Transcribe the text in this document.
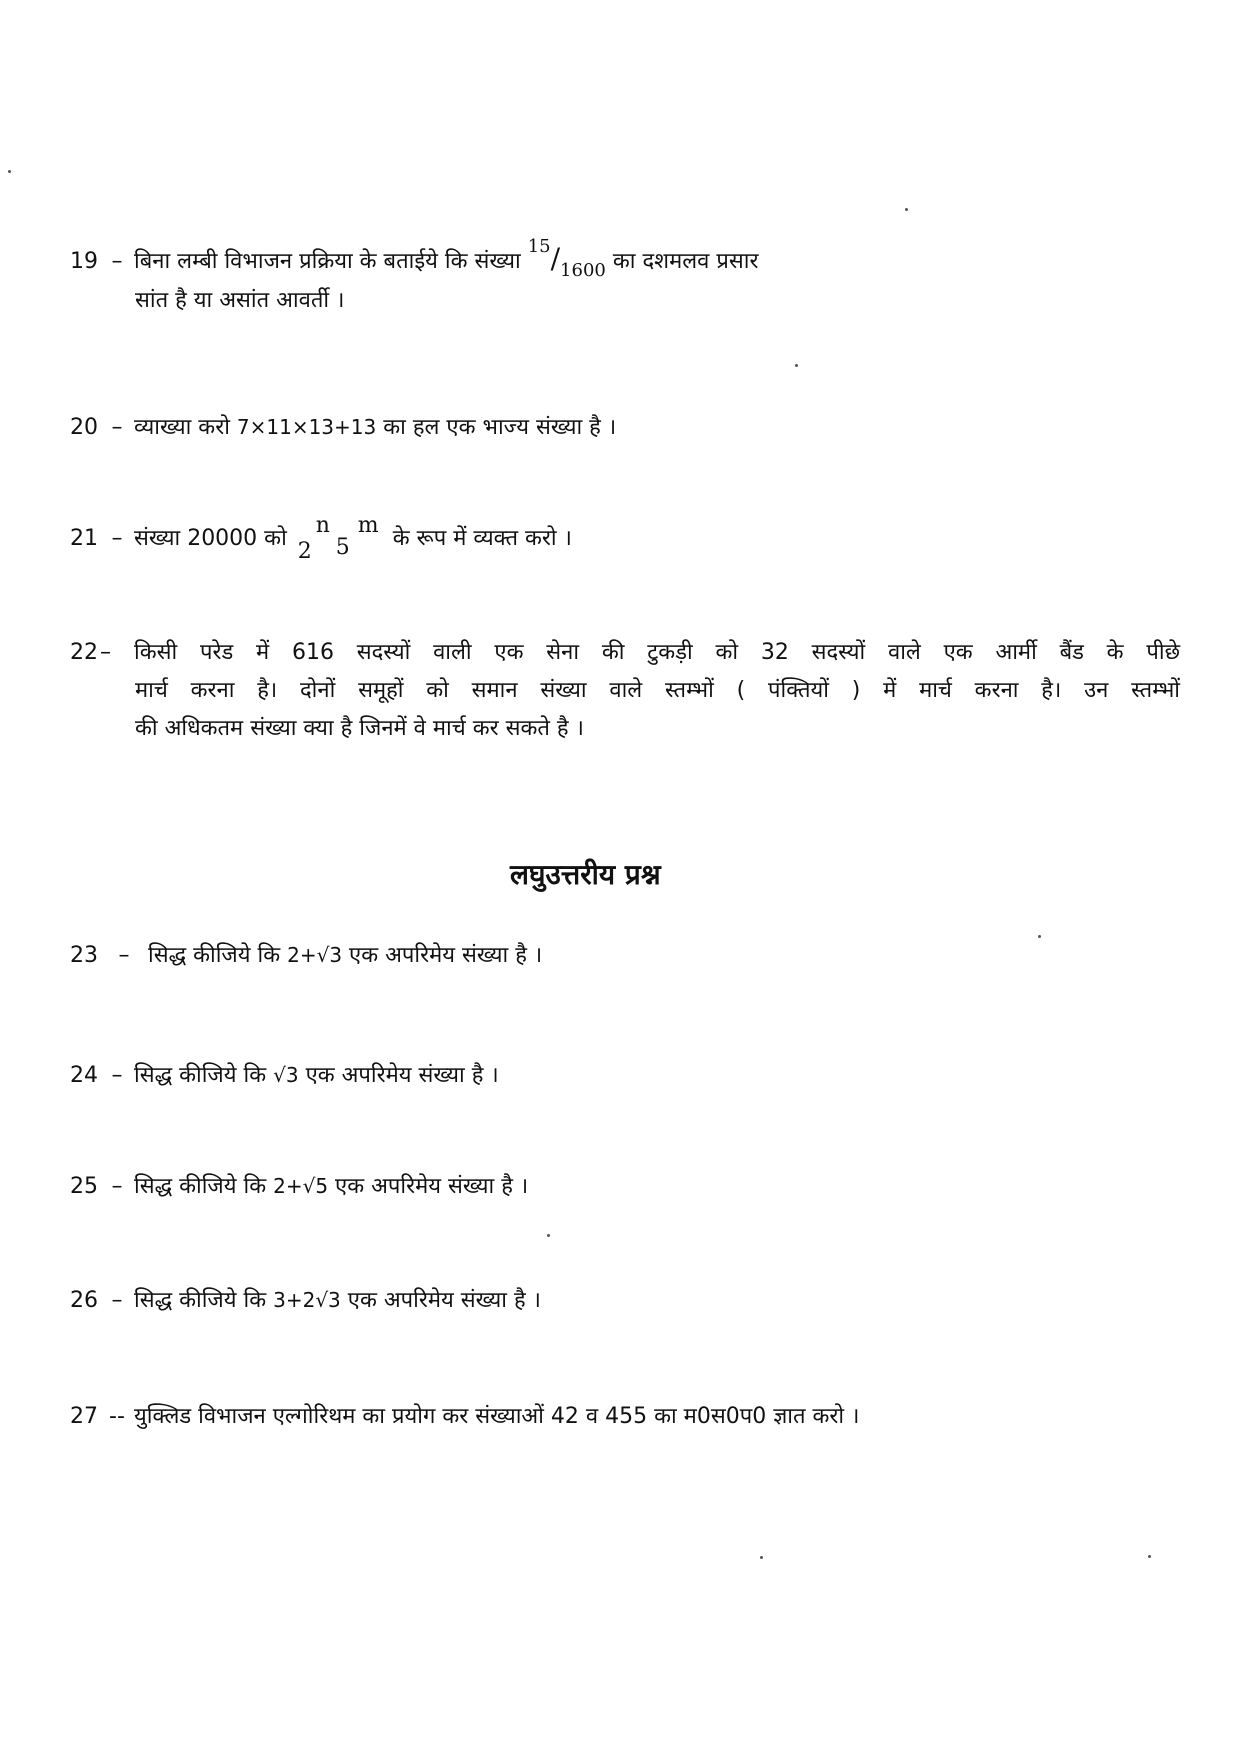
19 – बिना लम्बी विभाजन प्रक्रिया के बताईये कि संख्या $^{15}/_{1600}$ का दशमलव प्रसार
सांत है या असांत आवर्ती ।
20 – व्याख्या करो 7×11×13+13 का हल एक भाज्य संख्या है ।
21 – संख्या 20000 को
2
n
5
m
के रूप में व्यक्त करो ।
22– किसी परेड में 616 सदस्यों वाली एक सेना की टुकड़ी को 32 सदस्यों वाले एक आर्मी बैंड के पीछे
मार्च करना है। दोनों समूहों को समान संख्या वाले स्तम्भों ( पंक्तियों ) में मार्च करना है। उन स्तम्भों
की अधिकतम संख्या क्या है जिनमें वे मार्च कर सकते है ।
लघुउत्तरीय प्रश्न
23 – सिद्ध कीजिये कि 2+√3 एक अपरिमेय संख्या है ।
24 – सिद्ध कीजिये कि √3 एक अपरिमेय संख्या है ।
25 – सिद्ध कीजिये कि 2+√5 एक अपरिमेय संख्या है ।
26 – सिद्ध कीजिये कि 3+2√3 एक अपरिमेय संख्या है ।
27 -- युक्लिड विभाजन एल्गोरिथम का प्रयोग कर संख्याओं 42 व 455 का म0स0प0 ज्ञात करो ।
